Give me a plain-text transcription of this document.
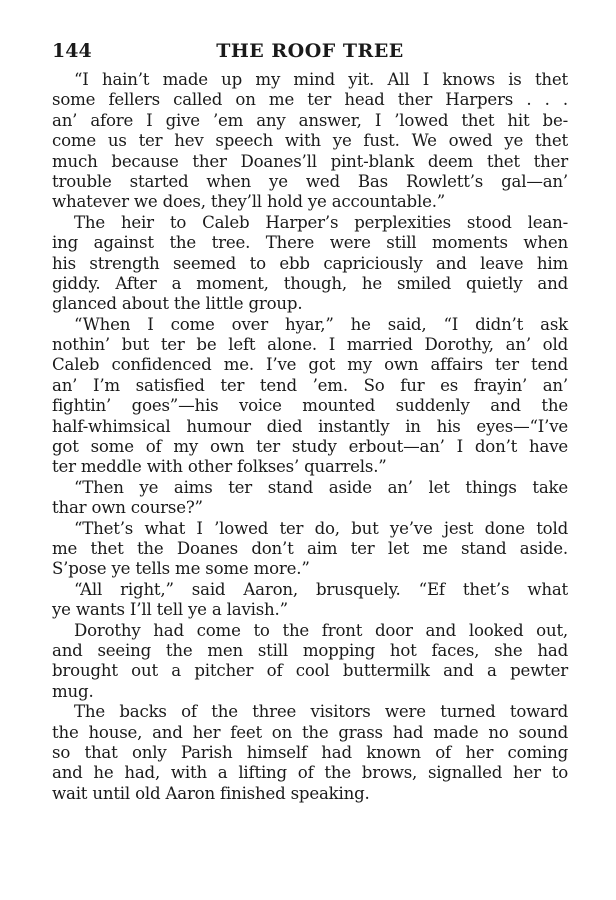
144	THE ROOF TREE
“I hain’t made up my mind yit. All I knows is thet
some fellers called on me ter head ther Harpers . . .
an’ afore I give ’em any answer, I ’lowed thet hit be-
come us ter hev speech with ye fust. We owed ye thet
much because ther Doanes’ll pint-blank deem thet ther
trouble started when ye wed Bas Rowlett’s gal—an’
whatever we does, they’ll hold ye accountable.”
The heir to Caleb Harper’s perplexities stood lean-
ing against the tree. There were still moments when
his strength seemed to ebb capriciously and leave him
giddy. After a moment, though, he smiled quietly and
glanced about the little group.
“When I come over hyar,” he said, “I didn’t ask
nothin’ but ter be left alone. I married Dorothy, an’ old
Caleb confidenced me. I’ve got my own affairs ter tend
an’ I’m satisfied ter tend ’em. So fur es frayin’ an’
fightin’ goes”—his voice mounted suddenly and the
half-whimsical humour died instantly in his eyes—“I’ve
got some of my own ter study erbout—an’ I don’t have
ter meddle with other folkses’ quarrels.”
“Then ye aims ter stand aside an’ let things take
thar own course?”
“Thet’s what I ’lowed ter do, but ye’ve jest done told
me thet the Doanes don’t aim ter let me stand aside.
S’pose ye tells me some more.”
“All right,” said Aaron, brusquely. “Ef thet’s what
ye wants I’ll tell ye a lavish.”
Dorothy had come to the front door and looked out,
and seeing the men still mopping hot faces, she had
brought out a pitcher of cool buttermilk and a pewter
mug.
The backs of the three visitors were turned toward
the house, and her feet on the grass had made no sound
so that only Parish himself had known of her coming
and he had, with a lifting of the brows, signalled her to
wait until old Aaron finished speaking.
